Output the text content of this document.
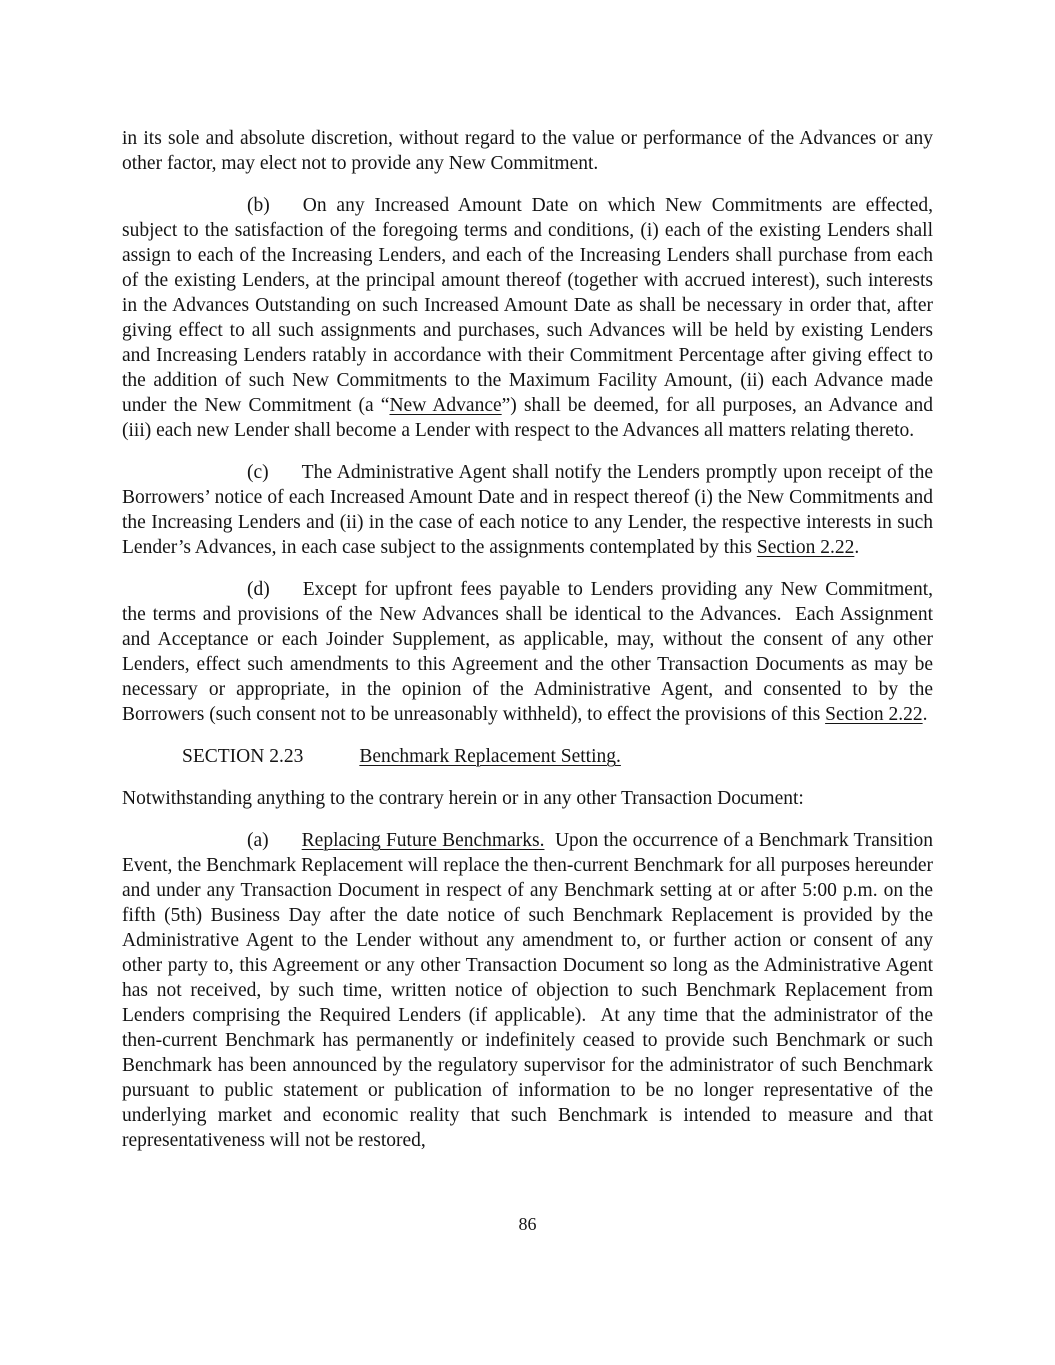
in its sole and absolute discretion, without regard to the value or performance of the Advances or any other factor, may elect not to provide any New Commitment.

(b) On any Increased Amount Date on which New Commitments are effected, subject to the satisfaction of the foregoing terms and conditions, (i) each of the existing Lenders shall assign to each of the Increasing Lenders, and each of the Increasing Lenders shall purchase from each of the existing Lenders, at the principal amount thereof (together with accrued interest), such interests in the Advances Outstanding on such Increased Amount Date as shall be necessary in order that, after giving effect to all such assignments and purchases, such Advances will be held by existing Lenders and Increasing Lenders ratably in accordance with their Commitment Percentage after giving effect to the addition of such New Commitments to the Maximum Facility Amount, (ii) each Advance made under the New Commitment (a “New Advance”) shall be deemed, for all purposes, an Advance and (iii) each new Lender shall become a Lender with respect to the Advances all matters relating thereto.

(c) The Administrative Agent shall notify the Lenders promptly upon receipt of the Borrowers’ notice of each Increased Amount Date and in respect thereof (i) the New Commitments and the Increasing Lenders and (ii) in the case of each notice to any Lender, the respective interests in such Lender’s Advances, in each case subject to the assignments contemplated by this Section 2.22.

(d) Except for upfront fees payable to Lenders providing any New Commitment, the terms and provisions of the New Advances shall be identical to the Advances.  Each Assignment and Acceptance or each Joinder Supplement, as applicable, may, without the consent of any other Lenders, effect such amendments to this Agreement and the other Transaction Documents as may be necessary or appropriate, in the opinion of the Administrative Agent, and consented to by the Borrowers (such consent not to be unreasonably withheld), to effect the provisions of this Section 2.22.

SECTION 2.23	Benchmark Replacement Setting.

Notwithstanding anything to the contrary herein or in any other Transaction Document:

(a) Replacing Future Benchmarks.  Upon the occurrence of a Benchmark Transition Event, the Benchmark Replacement will replace the then-current Benchmark for all purposes hereunder and under any Transaction Document in respect of any Benchmark setting at or after 5:00 p.m. on the fifth (5th) Business Day after the date notice of such Benchmark Replacement is provided by the Administrative Agent to the Lender without any amendment to, or further action or consent of any other party to, this Agreement or any other Transaction Document so long as the Administrative Agent has not received, by such time, written notice of objection to such Benchmark Replacement from Lenders comprising the Required Lenders (if applicable).  At any time that the administrator of the then-current Benchmark has permanently or indefinitely ceased to provide such Benchmark or such Benchmark has been announced by the regulatory supervisor for the administrator of such Benchmark pursuant to public statement or publication of information to be no longer representative of the underlying market and economic reality that such Benchmark is intended to measure and that representativeness will not be restored,

86
